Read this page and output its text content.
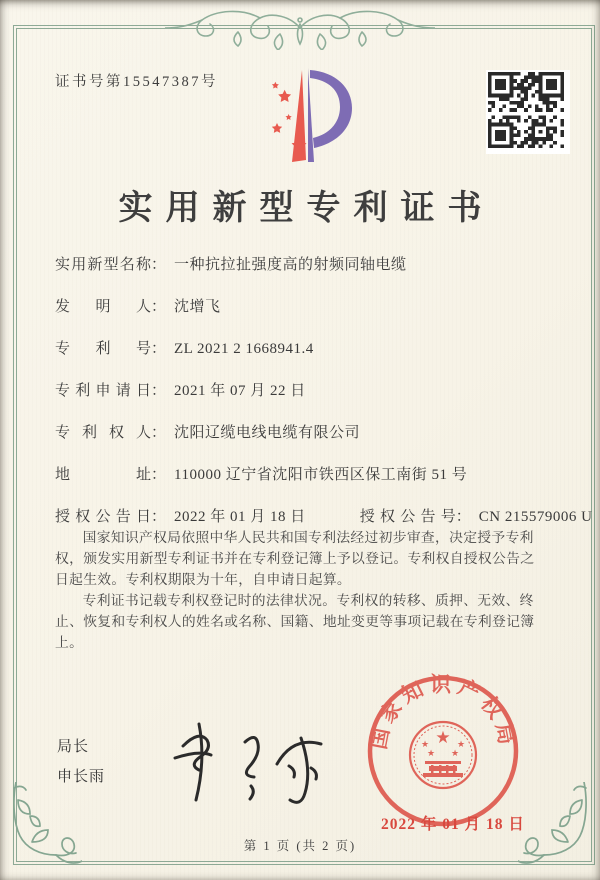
证书号第15547387号
实用新型专利证书
实用新型名称： 一种抗拉扯强度高的射频同轴电缆
发明人： 沈增飞
专利号： ZL 2021 2 1668941.4
专利申请日： 2021 年 07 月 22 日
专利权人： 沈阳辽缆电线电缆有限公司
地址： 110000 辽宁省沈阳市铁西区保工南街 51 号
授权公告日： 2022 年 01 月 18 日	授权公告号： CN 215579006 U

国家知识产权局依照中华人民共和国专利法经过初步审查，决定授予专利权，颁发实用新型专利证书并在专利登记簿上予以登记。专利权自授权公告之日起生效。专利权期限为十年，自申请日起算。

专利证书记载专利权登记时的法律状况。专利权的转移、质押、无效、终止、恢复和专利权人的姓名或名称、国籍、地址变更等事项记载在专利登记簿上。

局长
申长雨
国家知识产权局
★
★	★
★ ★
2022 年 01 月 18 日
第 1 页 (共 2 页)
